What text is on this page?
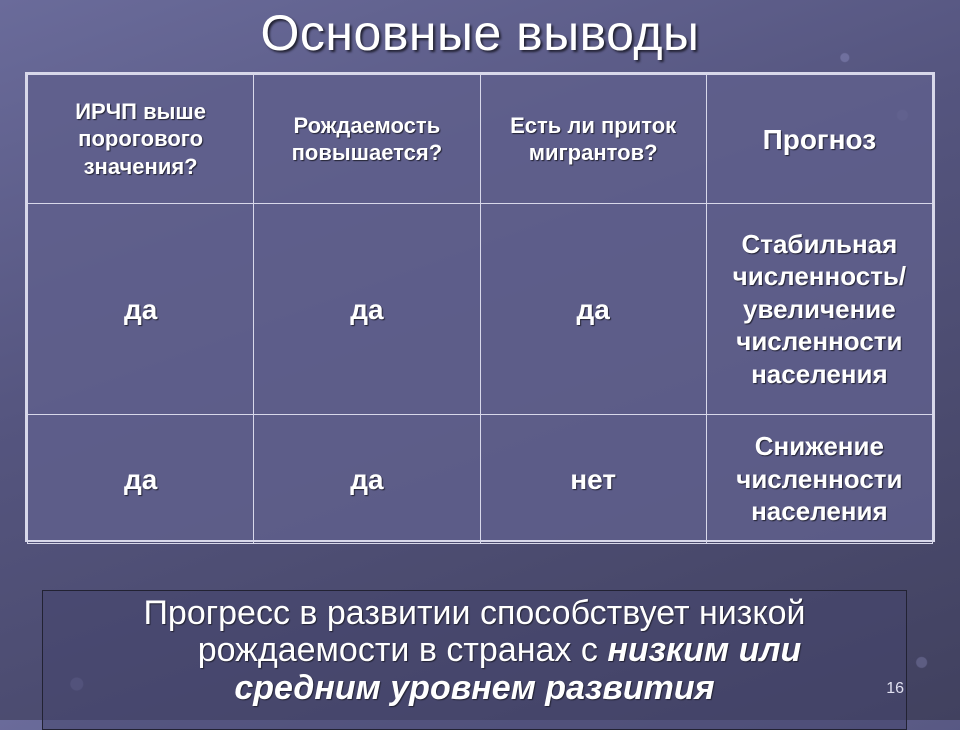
Основные выводы
ИРЧП выше порогового значения?	Рождаемость повышается?	Есть ли приток мигрантов?	Прогноз
да	да	да	Стабильная численность/ увеличение численности населения
да	да	нет	Снижение численности населения
Прогресс в развитии способствует низкой
рождаемости в странах с низким или
средним уровнем развития	16
